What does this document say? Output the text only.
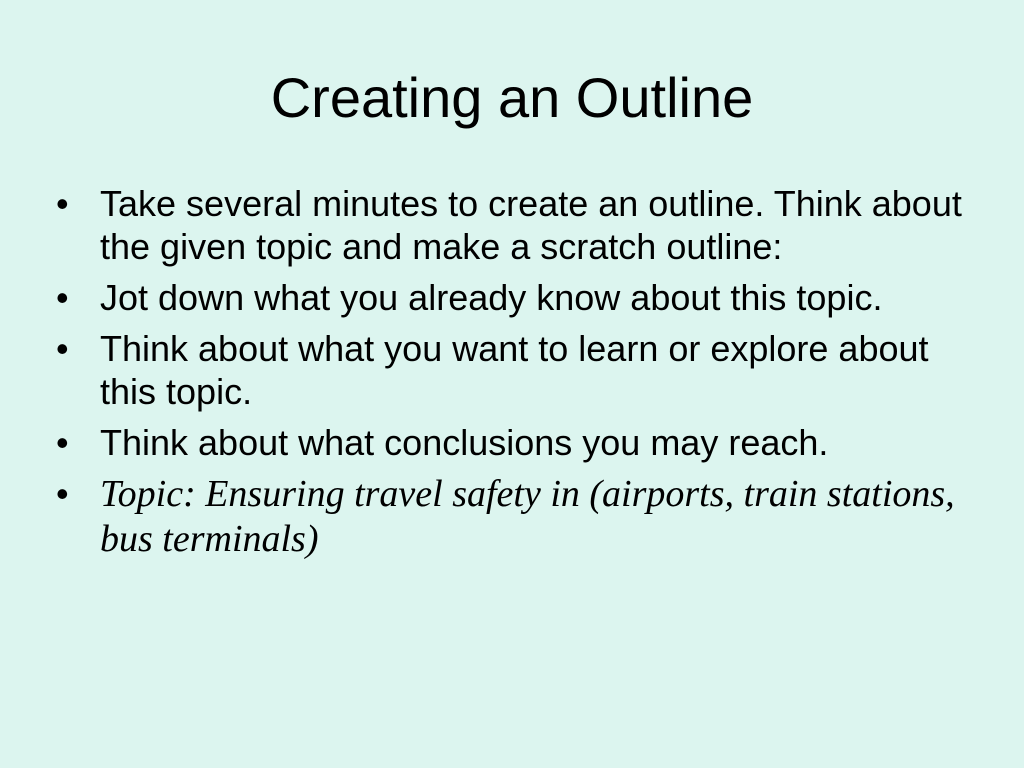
Creating an Outline
• Take several minutes to create an outline. Think about the given topic and make a scratch outline:
• Jot down what you already know about this topic.
• Think about what you want to learn or explore about this topic.
• Think about what conclusions you may reach.
• Topic: Ensuring travel safety in (airports, train stations, bus terminals)
